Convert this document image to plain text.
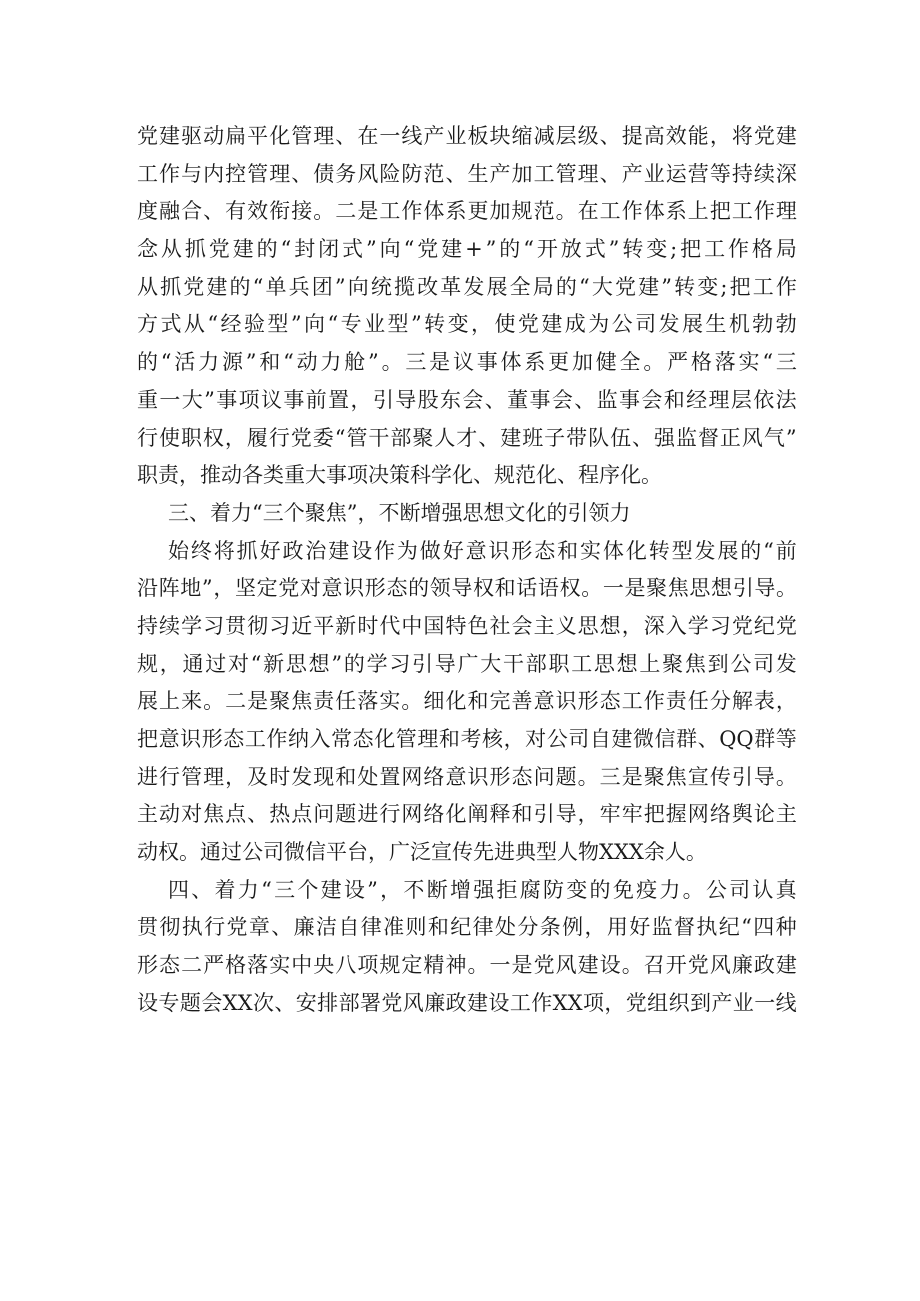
党 建 驱 动 扁 平 化 管 理 、 在 一 线 产 业 板 块 缩 减 层 级 、 提 高 效 能 ， 将 党 建
工 作 与 内 控 管 理 、 债 务 风 险 防 范 、 生 产 加 工 管 理 、 产 业 运 营 等 持 续 深
度 融 合 、 有 效 衔 接 。 二 是 工 作 体 系 更 加 规 范 。 在 工 作 体 系 上 把 工 作 理
念 从 抓 党 建 的 “ 封 闭 式 ” 向 “ 党 建 + ” 的 “ 开 放 式 ” 转 变 ; 把 工 作 格 局
从 抓 党 建 的 “ 单 兵 团 ” 向 统 揽 改 革 发 展 全 局 的 “ 大 党 建 ” 转 变 ; 把 工 作
方 式 从 “ 经 验 型 ” 向 “ 专 业 型 ” 转 变 ， 使 党 建 成 为 公 司 发 展 生 机 勃 勃
的 “ 活 力 源 ” 和 “ 动 力 舱 ” 。 三 是 议 事 体 系 更 加 健 全 。 严 格 落 实 “ 三
重 一 大 ” 事 项 议 事 前 置 ， 引 导 股 东 会 、 董 事 会 、 监 事 会 和 经 理 层 依 法
行 使 职 权 ， 履 行 党 委 “ 管 干 部 聚 人 才 、 建 班 子 带 队 伍 、 强 监 督 正 风 气 ”
职责，推动各类重大事项决策科学化、规范化、程序化。
三、着力“三个聚焦”，不断增强思想文化的引领力
始 终 将 抓 好 政 治 建 设 作 为 做 好 意 识 形 态 和 实 体 化 转 型 发 展 的 “ 前
沿 阵 地 ” ， 坚 定 党 对 意 识 形 态 的 领 导 权 和 话 语 权 。 一 是 聚 焦 思 想 引 导 。
持 续 学 习 贯 彻 习 近 平 新 时 代 中 国 特 色 社 会 主 义 思 想 ， 深 入 学 习 党 纪 党
规 ， 通 过 对 “ 新 思 想 ” 的 学 习 引 导 广 大 干 部 职 工 思 想 上 聚 焦 到 公 司 发
展 上 来 。 二 是 聚 焦 责 任 落 实 。 细 化 和 完 善 意 识 形 态 工 作 责 任 分 解 表 ，
把 意 识 形 态 工 作 纳 入 常 态 化 管 理 和 考 核 ， 对 公 司 自 建 微 信 群 、 QQ 群 等
进 行 管 理 ， 及 时 发 现 和 处 置 网 络 意 识 形 态 问 题 。 三 是 聚 焦 宣 传 引 导 。
主 动 对 焦 点 、 热 点 问 题 进 行 网 络 化 阐 释 和 引 导 ， 牢 牢 把 握 网 络 舆 论 主
动权。通过公司微信平台，广泛宣传先进典型人物XXX余人。
四 、 着 力 “ 三 个 建 设 ” ， 不 断 增 强 拒 腐 防 变 的 免 疫 力 。 公 司 认 真
贯 彻 执 行 党 章 、 廉 洁 自 律 准 则 和 纪 律 处 分 条 例 ， 用 好 监 督 执 纪 “ 四 种
形 态 二 严 格 落 实 中 央 八 项 规 定 精 神 。 一 是 党 风 建 设 。 召 开 党 风 廉 政 建
设 专 题 会 XX 次 、 安 排 部 署 党 风 廉 政 建 设 工 作 XX 项 ， 党 组 织 到 产 业 一 线
